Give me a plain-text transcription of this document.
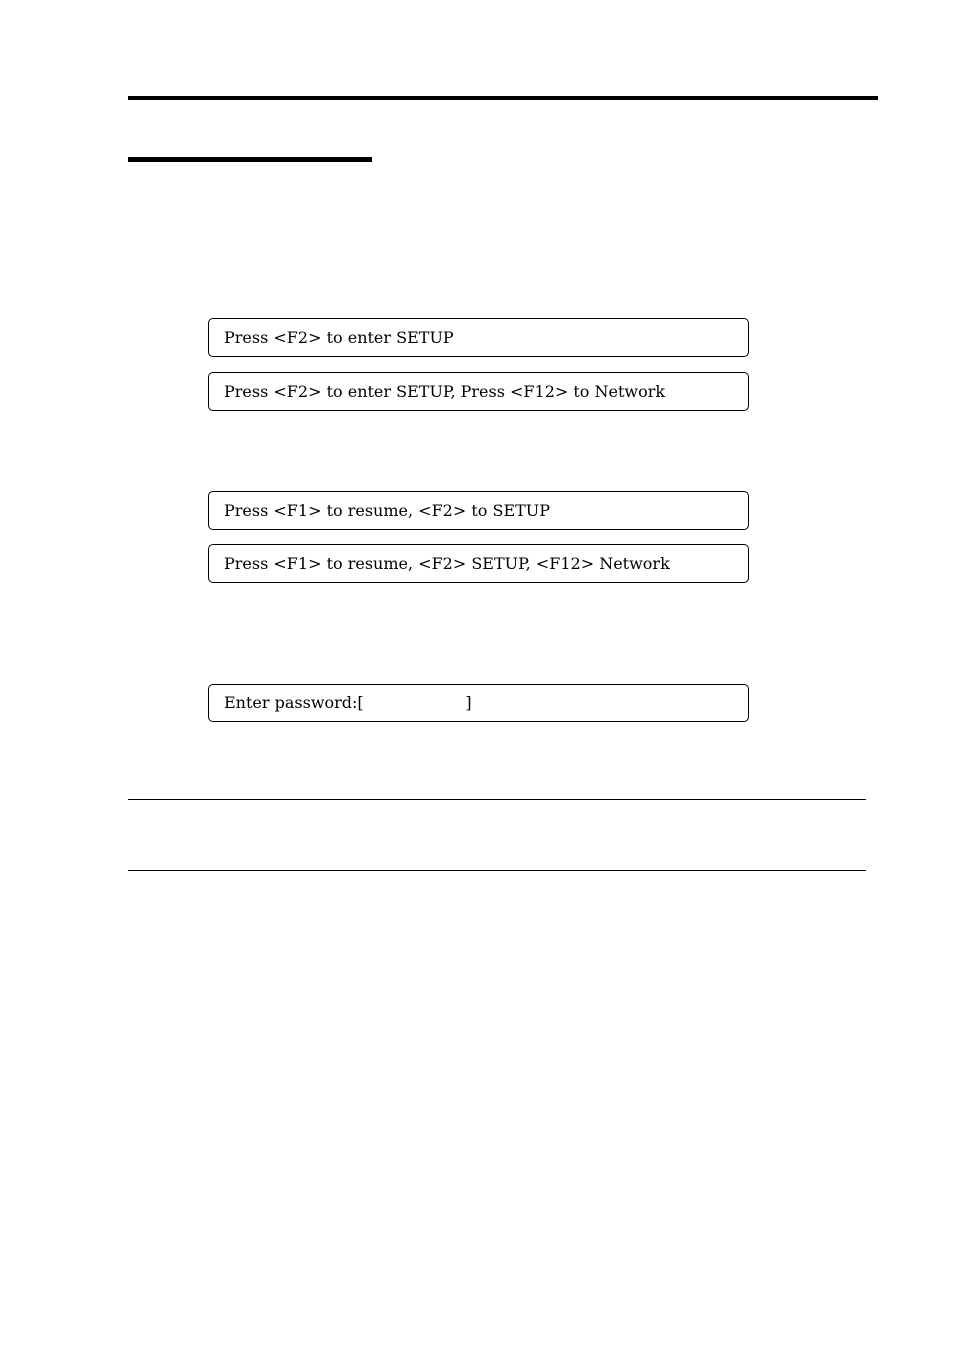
Press <F2> to enter SETUP
Press <F2> to enter SETUP, Press <F12> to Network
Press <F1> to resume, <F2> to SETUP
Press <F1> to resume, <F2> SETUP, <F12> Network
Enter password:[                    ]
